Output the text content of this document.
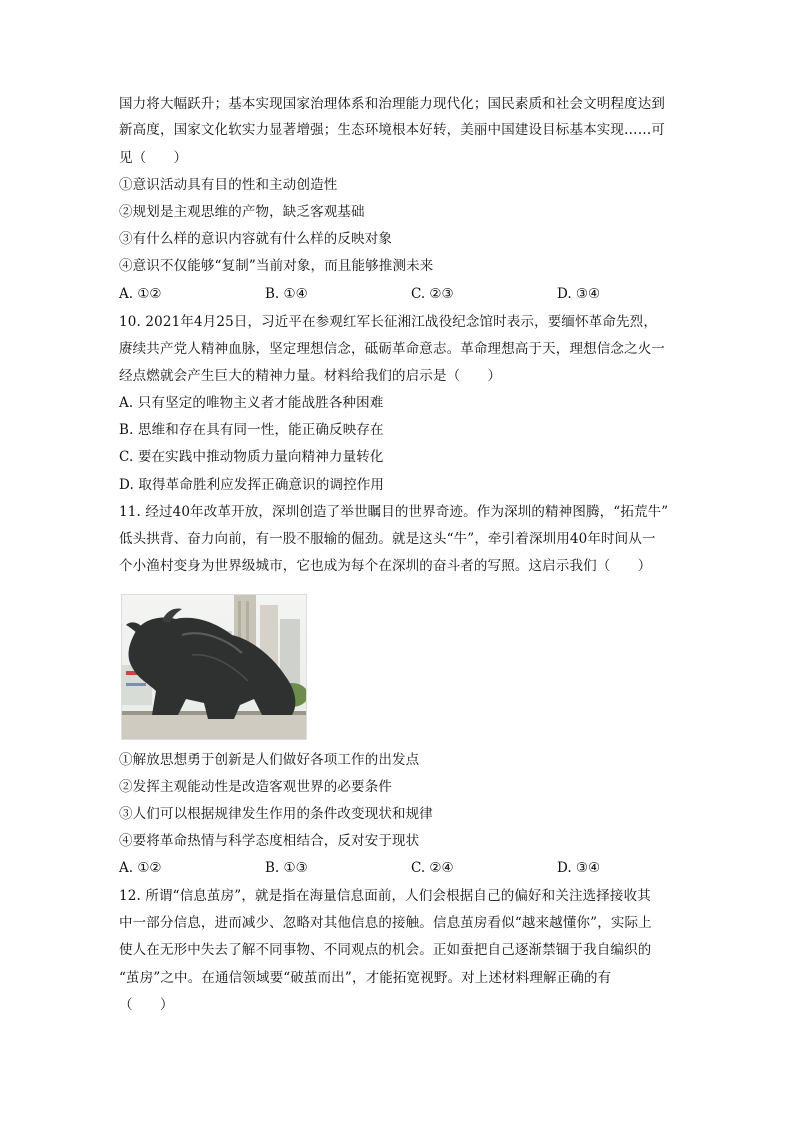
国力将大幅跃升；基本实现国家治理体系和治理能力现代化；国民素质和社会文明程度达到
新高度，国家文化软实力显著增强；生态环境根本好转，美丽中国建设目标基本实现……可
见（　　）
①意识活动具有目的性和主动创造性
②规划是主观思维的产物，缺乏客观基础
③有什么样的意识内容就有什么样的反映对象
④意识不仅能够“复制”当前对象，而且能够推测未来
A. ①②	B. ①④	C. ②③	D. ③④
10. 2021年4月25日，习近平在参观红军长征湘江战役纪念馆时表示，要缅怀革命先烈，
赓续共产党人精神血脉，坚定理想信念，砥砺革命意志。革命理想高于天，理想信念之火一
经点燃就会产生巨大的精神力量。材料给我们的启示是（　　）
A. 只有坚定的唯物主义者才能战胜各种困难
B. 思维和存在具有同一性，能正确反映存在
C. 要在实践中推动物质力量向精神力量转化
D. 取得革命胜利应发挥正确意识的调控作用
11. 经过40年改革开放，深圳创造了举世瞩目的世界奇迹。作为深圳的精神图腾，“拓荒牛”
低头拱背、奋力向前，有一股不服输的倔劲。就是这头“牛”，牵引着深圳用40年时间从一
个小渔村变身为世界级城市，它也成为每个在深圳的奋斗者的写照。这启示我们（　　）
①解放思想勇于创新是人们做好各项工作的出发点
②发挥主观能动性是改造客观世界的必要条件
③人们可以根据规律发生作用的条件改变现状和规律
④要将革命热情与科学态度相结合，反对安于现状
A. ①②	B. ①③	C. ②④	D. ③④
12. 所谓“信息茧房”，就是指在海量信息面前，人们会根据自己的偏好和关注选择接收其
中一部分信息，进而减少、忽略对其他信息的接触。信息茧房看似“越来越懂你”，实际上
使人在无形中失去了解不同事物、不同观点的机会。正如蚕把自己逐渐禁锢于我自编织的
“茧房”之中。在通信领域要“破茧而出”，才能拓宽视野。对上述材料理解正确的有
（　　）
